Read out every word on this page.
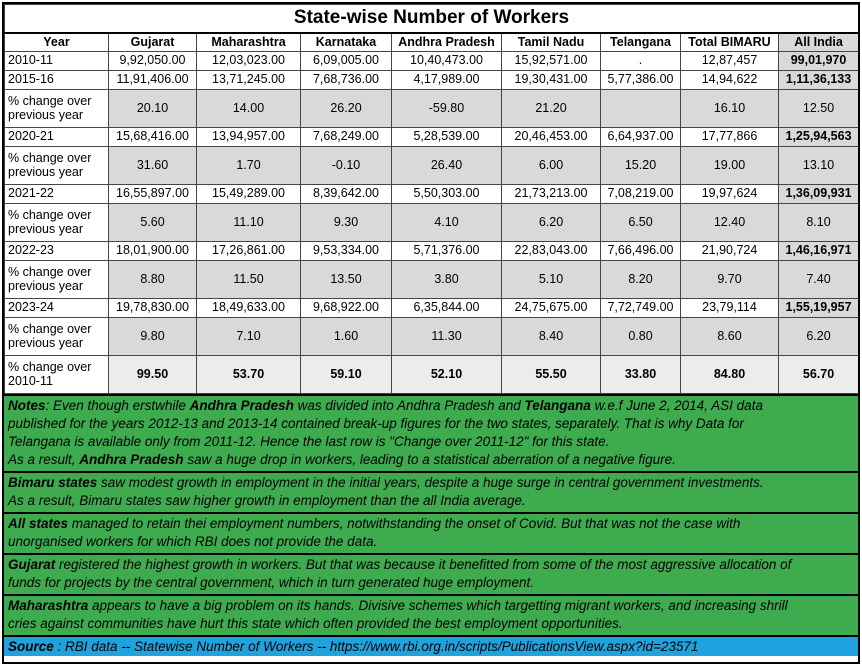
State-wise Number of Workers								
Year	Gujarat	Maharashtra	Karnataka	Andhra Pradesh	Tamil Nadu	Telangana	Total BIMARU	All India
2010-11	9,92,050.00	12,03,023.00	6,09,005.00	10,40,473.00	15,92,571.00	.	12,87,457	99,01,970
2015-16	11,91,406.00	13,71,245.00	7,68,736.00	4,17,989.00	19,30,431.00	5,77,386.00	14,94,622	1,11,36,133
% change over previous year	20.10	14.00	26.20	-59.80	21.20		16.10	12.50
2020-21	15,68,416.00	13,94,957.00	7,68,249.00	5,28,539.00	20,46,453.00	6,64,937.00	17,77,866	1,25,94,563
% change over previous year	31.60	1.70	-0.10	26.40	6.00	15.20	19.00	13.10
2021-22	16,55,897.00	15,49,289.00	8,39,642.00	5,50,303.00	21,73,213.00	7,08,219.00	19,97,624	1,36,09,931
% change over previous year	5.60	11.10	9.30	4.10	6.20	6.50	12.40	8.10
2022-23	18,01,900.00	17,26,861.00	9,53,334.00	5,71,376.00	22,83,043.00	7,66,496.00	21,90,724	1,46,16,971
% change over previous year	8.80	11.50	13.50	3.80	5.10	8.20	9.70	7.40
2023-24	19,78,830.00	18,49,633.00	9,68,922.00	6,35,844.00	24,75,675.00	7,72,749.00	23,79,114	1,55,19,957
% change over previous year	9.80	7.10	1.60	11.30	8.40	0.80	8.60	6.20
% change over 2010-11	99.50	53.70	59.10	52.10	55.50	33.80	84.80	56.70
Notes: Even though erstwhile Andhra Pradesh was divided into Andhra Pradesh and Telangana w.e.f June 2, 2014, ASI data
published for the years 2012-13 and 2013-14 contained break-up figures for the two states, separately. That is why Data for
Telangana is available only from 2011-12. Hence the last row is "Change over 2011-12" for this state.
As a result, Andhra Pradesh saw a huge drop in workers, leading to a statistical aberration of a negative figure.
Bimaru states saw modest growth in employment in the initial years, despite a huge surge in central government investments.
As a result, Bimaru states saw higher growth in employment than the all India average.
All states managed to retain thei employment numbers, notwithstanding the onset of Covid. But that was not the case with
unorganised workers for which RBI does not provide the data.
Gujarat registered the highest growth in workers. But that was because it benefitted from some of the most aggressive allocation of
funds for projects by the central government, which in turn generated huge employment.
Maharashtra appears to have a big problem on its hands. Divisive schemes which targetting migrant workers, and increasing shrill
cries against communities have hurt this state which often provided the best employment opportunities.
Source : RBI data -- Statewise Number of Workers -- https://www.rbi.org.in/scripts/PublicationsView.aspx?id=23571
